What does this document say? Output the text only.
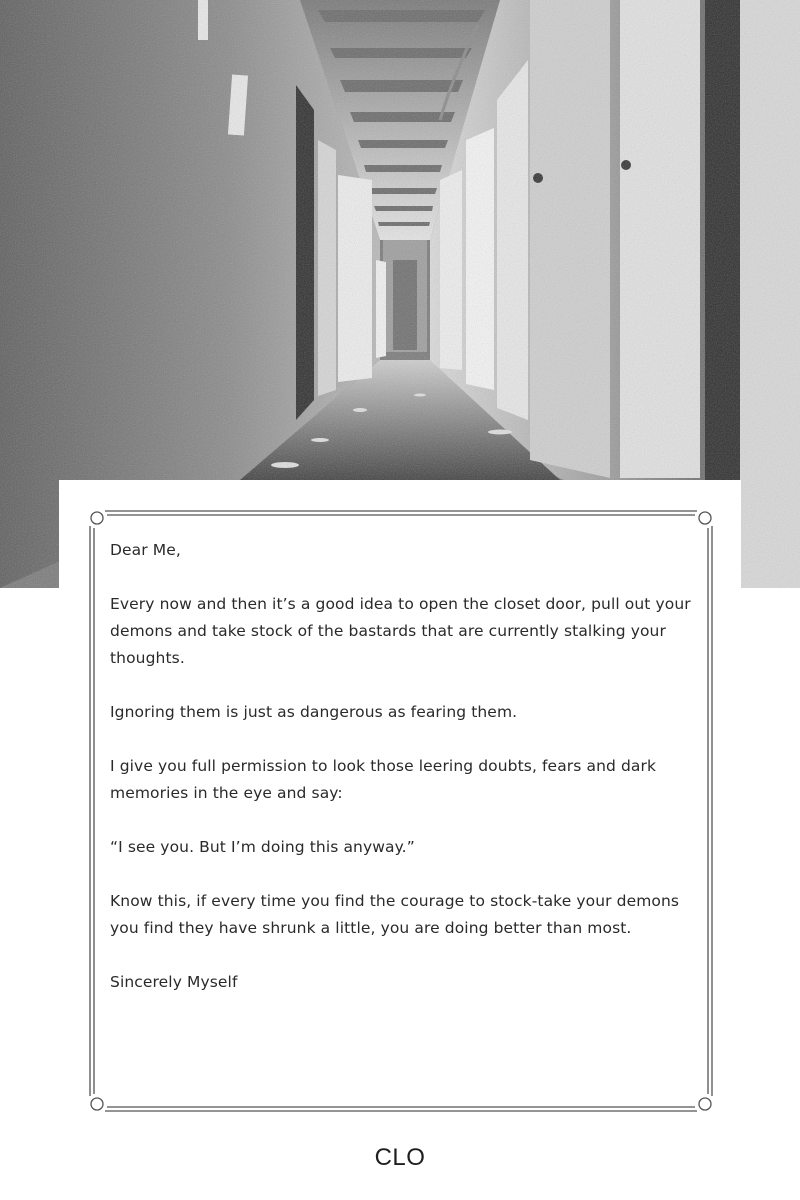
Dear Me,

Every now and then it’s a good idea to open the closet door, pull out your demons and take stock of the bastards that are currently stalking your thoughts.

Ignoring them is just as dangerous as fearing them.

I give you full permission to look those leering doubts, fears and dark memories in the eye and say:

“I see you. But I’m doing this anyway.”

Know this, if every time you find the courage to stock-take your demons you find they have shrunk a little, you are doing better than most.

Sincerely Myself

CLO
